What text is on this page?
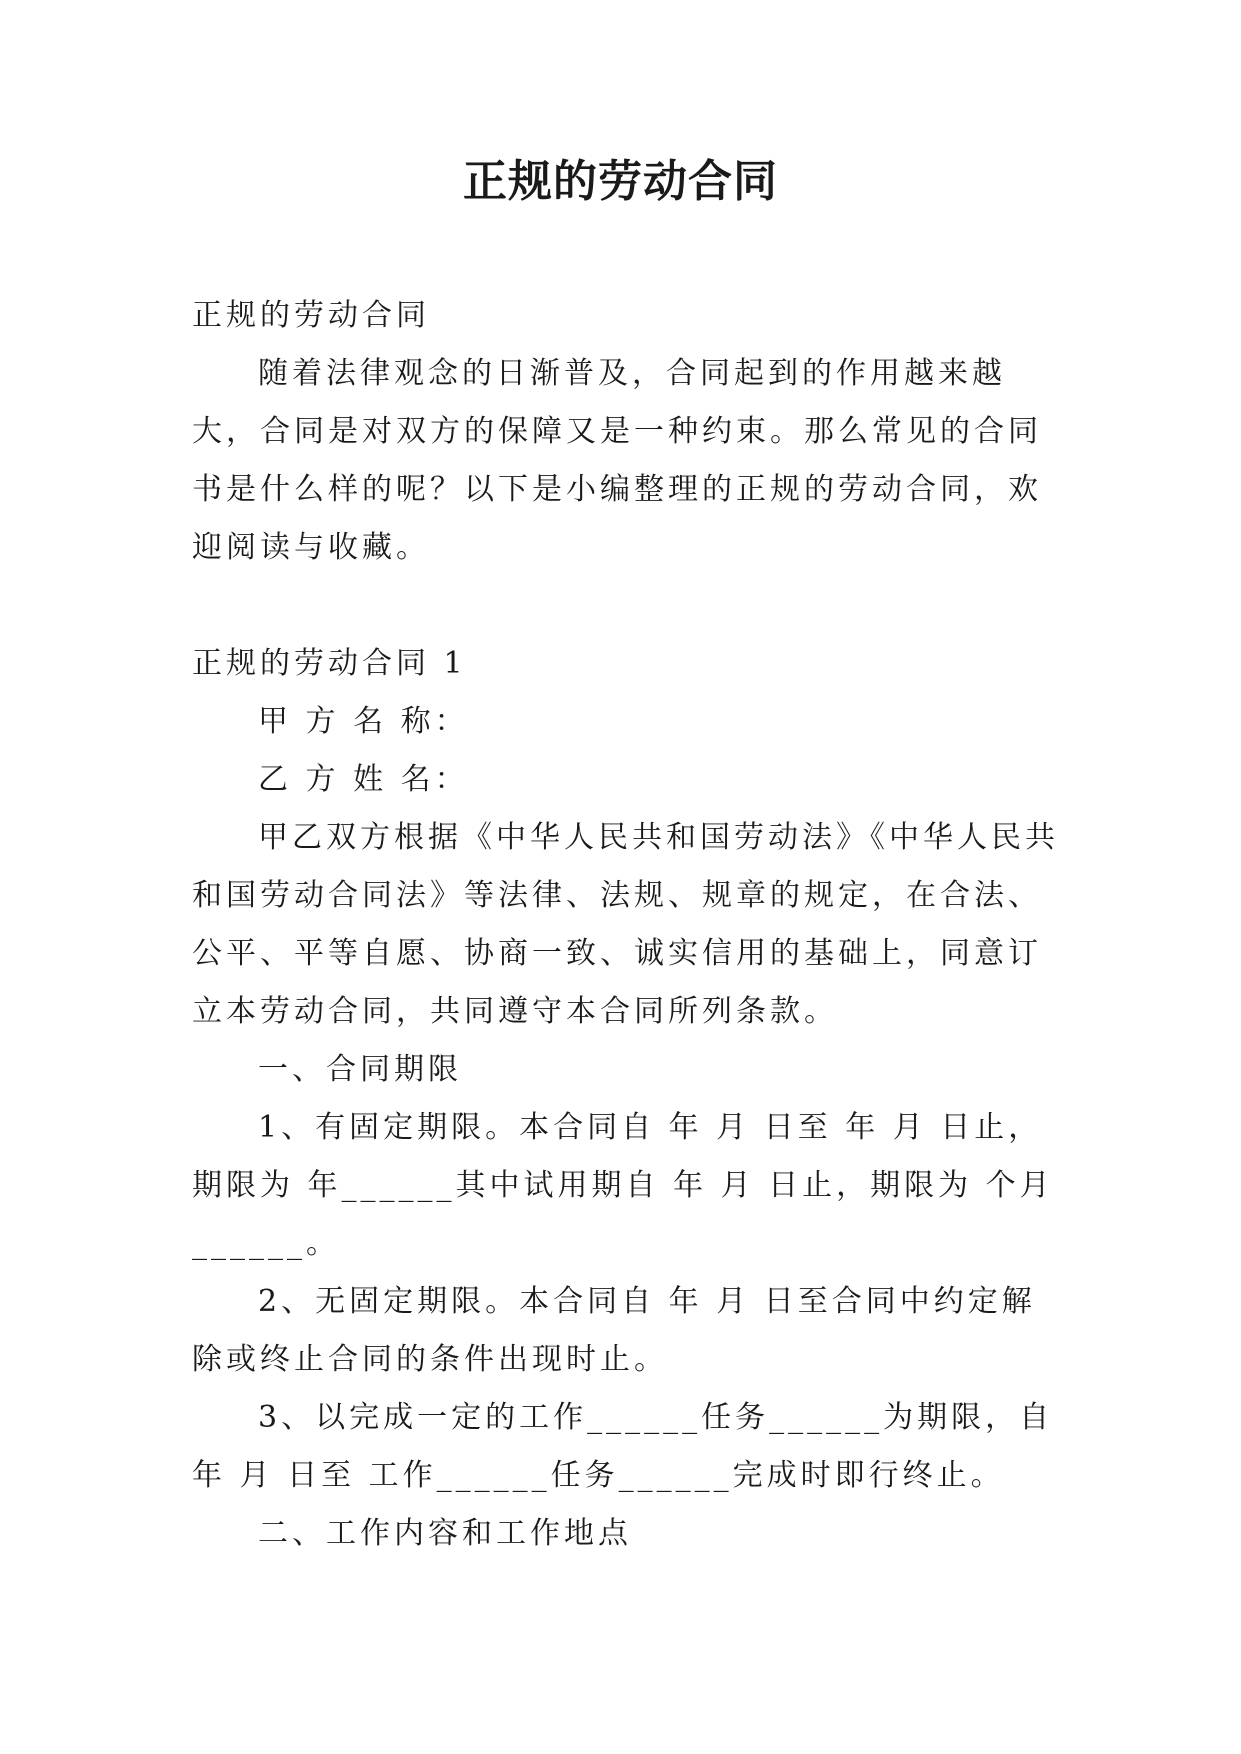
正规的劳动合同

正规的劳动合同

随着法律观念的日渐普及，合同起到的作用越来越大，合同是对双方的保障又是一种约束。那么常见的合同书是什么样的呢？以下是小编整理的正规的劳动合同，欢迎阅读与收藏。

正规的劳动合同 1

甲 方 名 称：

乙 方 姓 名：

甲乙双方根据《中华人民共和国劳动法》《中华人民共和国劳动合同法》等法律、法规、规章的规定，在合法、公平、平等自愿、协商一致、诚实信用的基础上，同意订立本劳动合同，共同遵守本合同所列条款。

一、合同期限

1、有固定期限。本合同自 年 月 日至 年 月 日止，期限为 年______其中试用期自 年 月 日止，期限为 个月______。

2、无固定期限。本合同自 年 月 日至合同中约定解除或终止合同的条件出现时止。

3、以完成一定的工作______任务______为期限，自 年 月 日至 工作______任务______完成时即行终止。

二、工作内容和工作地点
